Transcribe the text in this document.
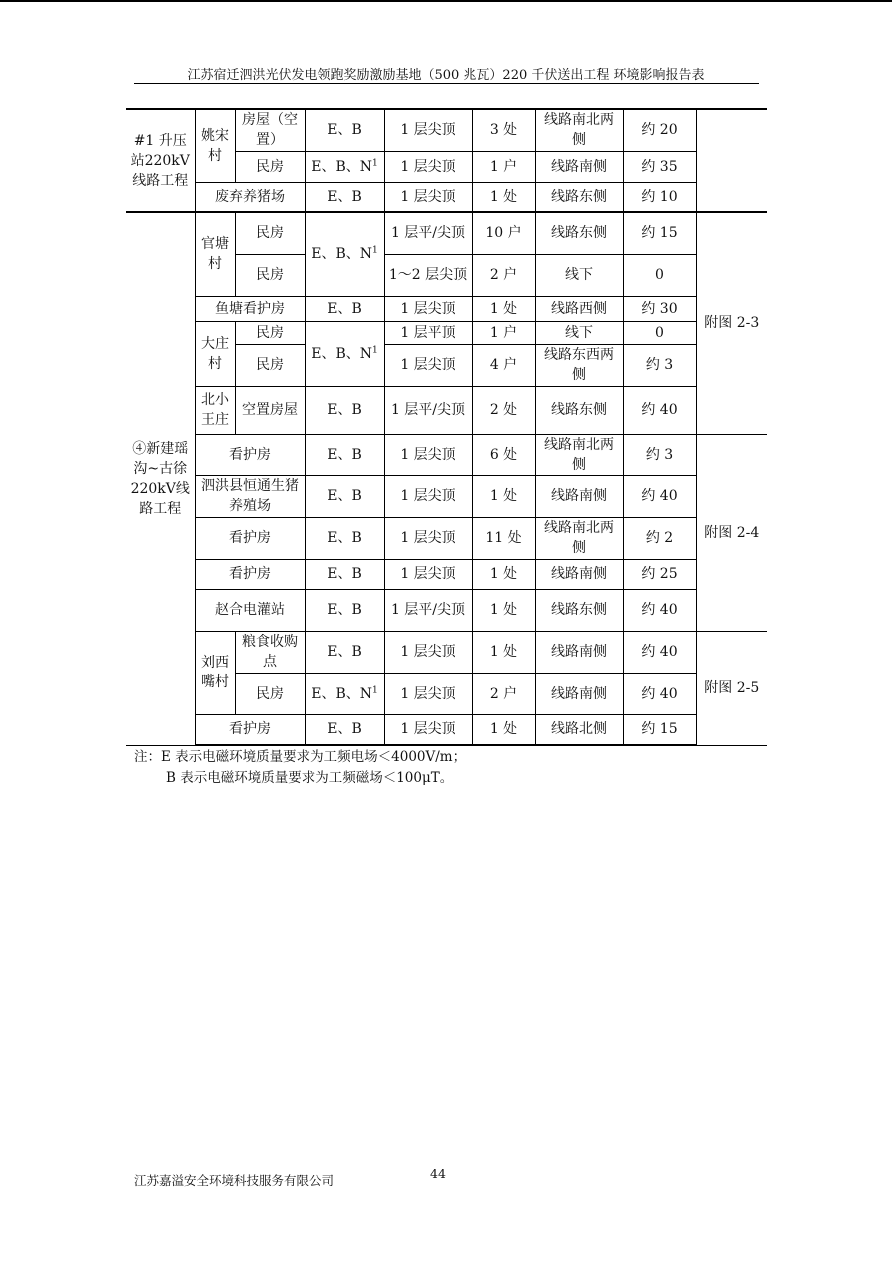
江苏宿迁泗洪光伏发电领跑奖励激励基地（500 兆瓦）220 千伏送出工程 环境影响报告表
#1 升压站220kV线路工程	姚宋村	房屋（空置）	E、B	1 层尖顶	3 处	线路南北两侧	约 20	
		民房	E、B、$N^1$	1 层尖顶	1 户	线路南侧	约 35	
	废弃养猪场		E、B	1 层尖顶	1 处	线路东侧	约 10	
④新建瑶沟~古徐220kV线路工程	官塘村	民房	E、B、$N^1$	1 层平/尖顶	10 户	线路东侧	约 15	附图 2-3
		民房		1～2 层尖顶	2 户	线下	0	
	鱼塘看护房		E、B	1 层尖顶	1 处	线路西侧	约 30	
	大庄村	民房	E、B、$N^1$	1 层平顶	1 户	线下	0	
		民房		1 层尖顶	4 户	线路东西两侧	约 3	
	北小王庄	空置房屋	E、B	1 层平/尖顶	2 处	线路东侧	约 40	
	看护房		E、B	1 层尖顶	6 处	线路南北两侧	约 3	附图 2-4
	泗洪县恒通生猪养殖场		E、B	1 层尖顶	1 处	线路南侧	约 40	
	看护房		E、B	1 层尖顶	11 处	线路南北两侧	约 2	
	看护房		E、B	1 层尖顶	1 处	线路南侧	约 25	
	赵合电灌站		E、B	1 层平/尖顶	1 处	线路东侧	约 40	
	刘西嘴村	粮食收购点	E、B	1 层尖顶	1 处	线路南侧	约 40	附图 2-5
		民房	E、B、$N^1$	1 层尖顶	2 户	线路南侧	约 40	
	看护房		E、B	1 层尖顶	1 处	线路北侧	约 15	
注：E 表示电磁环境质量要求为工频电场＜4000V/m；
B 表示电磁环境质量要求为工频磁场＜100μT。
江苏嘉溢安全环境科技服务有限公司	44
